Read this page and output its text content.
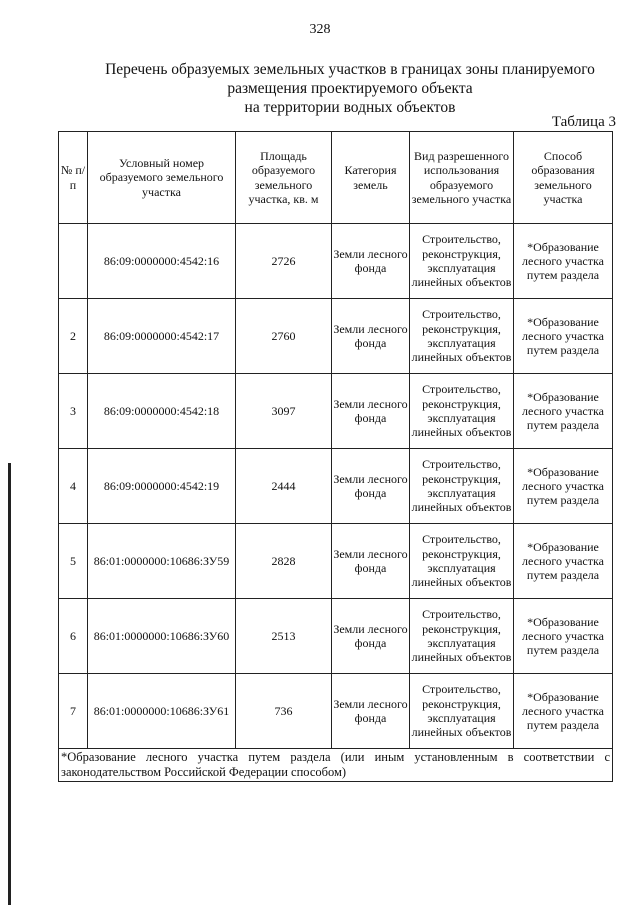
328
Перечень образуемых земельных участков в границах зоны планируемого
размещения проектируемого объекта
на территории водных объектов
Таблица 3
№ п/п	Условный номер образуемого земельного участка	Площадь образуемого земельного участка, кв. м	Категория земель	Вид разрешенного использования образуемого земельного участка	Способ образования земельного участка
	86:09:0000000:4542:16	2726	Земли лесного фонда	Строительство, реконструкция, эксплуатация линейных объектов	*Образование лесного участка путем раздела
2	86:09:0000000:4542:17	2760	Земли лесного фонда	Строительство, реконструкция, эксплуатация линейных объектов	*Образование лесного участка путем раздела
3	86:09:0000000:4542:18	3097	Земли лесного фонда	Строительство, реконструкция, эксплуатация линейных объектов	*Образование лесного участка путем раздела
4	86:09:0000000:4542:19	2444	Земли лесного фонда	Строительство, реконструкция, эксплуатация линейных объектов	*Образование лесного участка путем раздела
5	86:01:0000000:10686:ЗУ59	2828	Земли лесного фонда	Строительство, реконструкция, эксплуатация линейных объектов	*Образование лесного участка путем раздела
6	86:01:0000000:10686:ЗУ60	2513	Земли лесного фонда	Строительство, реконструкция, эксплуатация линейных объектов	*Образование лесного участка путем раздела
7	86:01:0000000:10686:ЗУ61	736	Земли лесного фонда	Строительство, реконструкция, эксплуатация линейных объектов	*Образование лесного участка путем раздела
*Образование лесного участка путем раздела (или иным установленным в соответствии с законодательством Российской Федерации способом)					
